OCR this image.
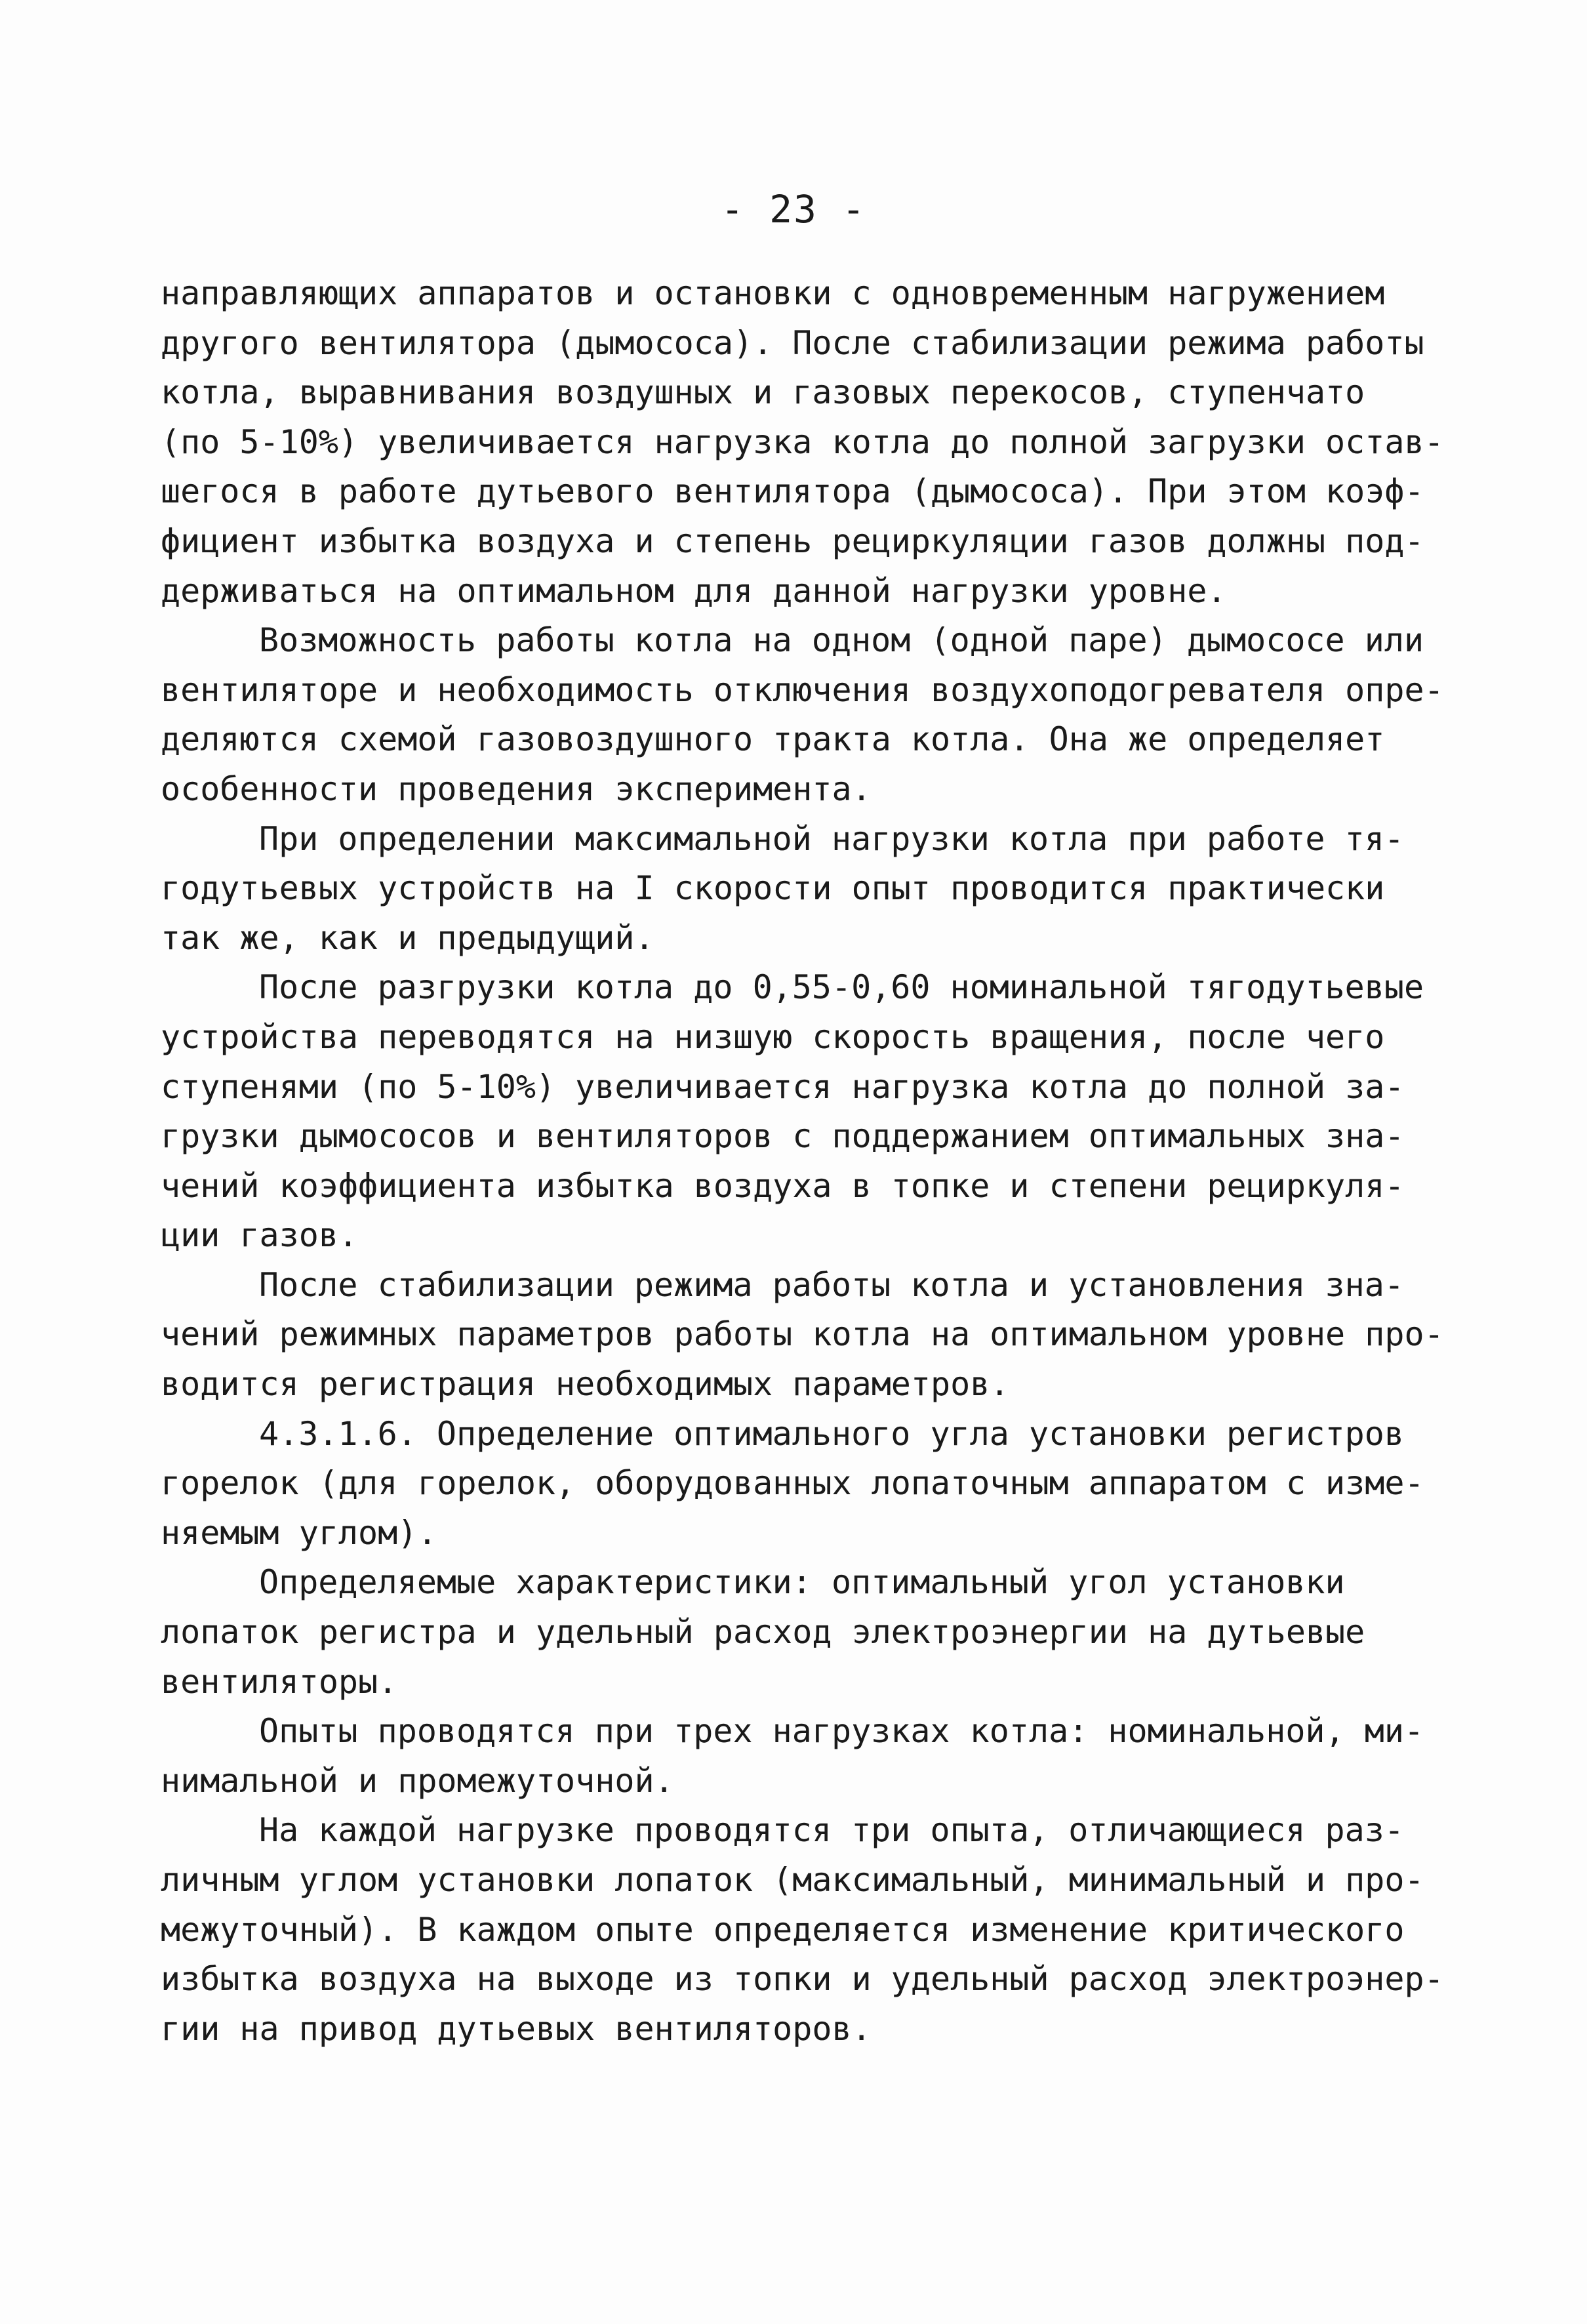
- 23 -
направляющих аппаратов и остановки с одновременным нагружением
другого вентилятора (дымососа). После стабилизации режима работы
котла, выравнивания воздушных и газовых перекосов, ступенчато
(по 5-10%) увеличивается нагрузка котла до полной загрузки остав-
шегося в работе дутьевого вентилятора (дымососа). При этом коэф-
фициент избытка воздуха и степень рециркуляции газов должны под-
держиваться на оптимальном для данной нагрузки уровне.
Возможность работы котла на одном (одной паре) дымососе или
вентиляторе и необходимость отключения воздухоподогревателя опре-
деляются схемой газовоздушного тракта котла. Она же определяет
особенности проведения эксперимента.
При определении максимальной нагрузки котла при работе тя-
годутьевых устройств на I скорости опыт проводится практически
так же, как и предыдущий.
После разгрузки котла до 0,55-0,60 номинальной тягодутьевые
устройства переводятся на низшую скорость вращения, после чего
ступенями (по 5-10%) увеличивается нагрузка котла до полной за-
грузки дымососов и вентиляторов с поддержанием оптимальных зна-
чений коэффициента избытка воздуха в топке и степени рециркуля-
ции газов.
После стабилизации режима работы котла и установления зна-
чений режимных параметров работы котла на оптимальном уровне про-
водится регистрация необходимых параметров.
4.3.1.6. Определение оптимального угла установки регистров
горелок (для горелок, оборудованных лопаточным аппаратом с изме-
няемым углом).
Определяемые характеристики: оптимальный угол установки
лопаток регистра и удельный расход электроэнергии на дутьевые
вентиляторы.
Опыты проводятся при трех нагрузках котла: номинальной, ми-
нимальной и промежуточной.
На каждой нагрузке проводятся три опыта, отличающиеся раз-
личным углом установки лопаток (максимальный, минимальный и про-
межуточный). В каждом опыте определяется изменение критического
избытка воздуха на выходе из топки и удельный расход электроэнер-
гии на привод дутьевых вентиляторов.
